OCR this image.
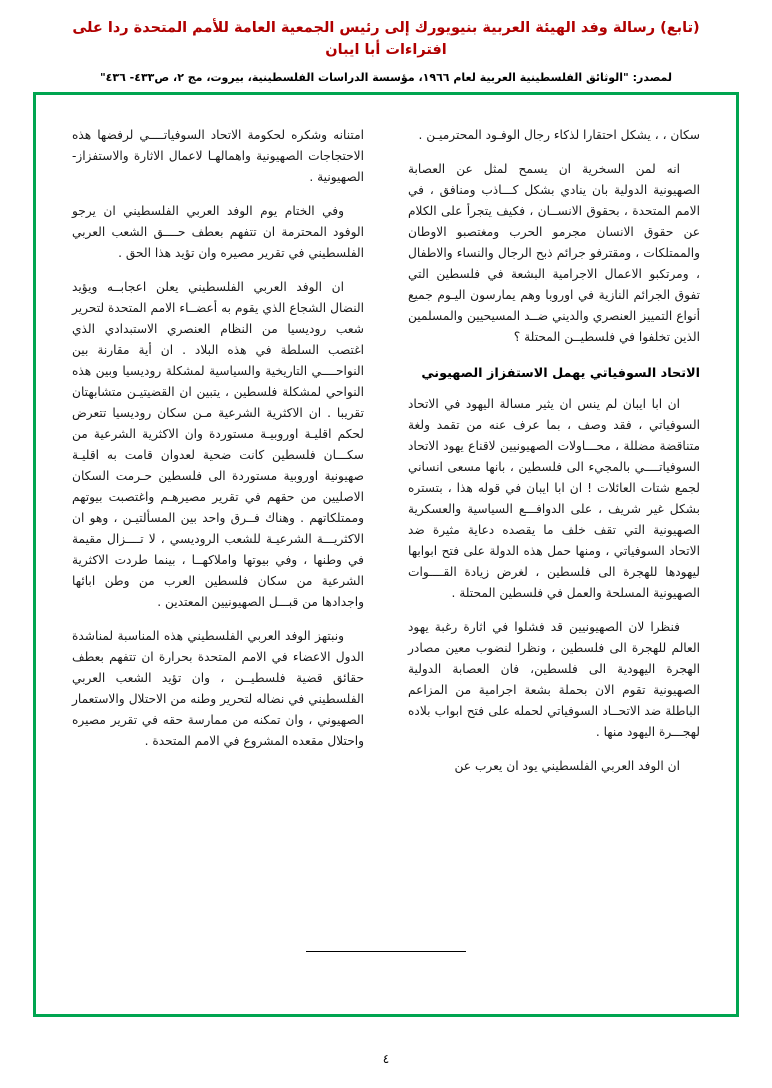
(تابع) رسالة وفد الهيئة العربية بنيويورك إلى رئيس الجمعية العامة للأمم المتحدة ردا على افتراءات أبا ايبان
لمصدر: "الوثائق الفلسطينية العربية لعام ١٩٦٦، مؤسسة الدراسات الفلسطينية، بيروت، مج ٢، ص٤٣٣- ٤٣٦"

سكان ، ، يشكل احتقارا لذكاء رجال الوفـود المحترميـن .

انه لمن السخرية ان يسمح لمثل عن العصابة الصهيونية الدولية بان ينادي بشكل كـــاذب ومنافق ، في الامم المتحدة ، بحقوق الانســان ، فكيف يتجرأ على الكلام عن حقوق الانسان مجرمو الحرب ومغتصبو الاوطان والممتلكات ، ومقترفو جرائم ذبح الرجال والنساء والاطفال ، ومرتكبو الاعمال الاجرامية البشعة في فلسطين التي تفوق الجرائم النازية في اوروبا وهم يمارسون اليـوم جميع أنواع التمييز العنصري والديني ضــد المسيحيين والمسلمين الذين تخلفوا في فلسطيــن المحتلة ؟

الاتحاد السوفياتي يهمل الاستفزاز الصهيوني

ان ابا ايبان لم ينس ان يثير مسالة اليهود في الاتحاد السوفياتي ، فقد وصف ، بما عرف عنه من تقمد ولغة متناقضة مضللة ، محـــاولات الصهيونيين لاقناع يهود الاتحاد السوفياتــــي بالمجيء الى فلسطين ، بانها مسعى انساني لجمع شتات العائلات ! ان ابا ايبان في قوله هذا ، بتستره بشكل غير شريف ، على الدوافـــع السياسية والعسكرية الصهيونية التي تقف خلف ما يقصده دعاية مثيرة ضد الاتحاد السوفياتي ، ومنها حمل هذه الدولة على فتح ابوابها ليهودها للهجرة الى فلسطين ، لغرض زيادة القــــوات الصهيونية المسلحة والعمل في فلسطين المحتلة .

فنظرا لان الصهيونيين قد فشلوا في اثارة رغبة يهود العالم للهجرة الى فلسطين ، ونظرا لنضوب معين مصادر الهجرة اليهودية الى فلسطين، فان العصابة الدولية الصهيونية تقوم الان بحملة بشعة اجرامية من المزاعم الباطلة ضد الاتحــاد السوفياتي لحمله على فتح ابواب بلاده لهجـــرة اليهود منها .

ان الوفد العربي الفلسطيني يود ان يعرب عن

امتنانه وشكره لحكومة الاتحاد السوفياتــــي لرفضها هذه الاحتجاجات الصهيونية واهمالهـا لاعمال الاثارة والاستفزاز-الصهيونية .

وفي الختام يوم الوفد العربي الفلسطيني ان يرجو الوفود المحترمة ان تتفهم بعطف حــــق الشعب العربي الفلسطيني في تقرير مصيره وان تؤيد هذا الحق .

ان الوفد العربي الفلسطيني يعلن اعجابــه ويؤيد النضال الشجاع الذي يقوم به أعضــاء الامم المتحدة لتحرير شعب روديسيا من النظام العنصري الاستبدادي الذي اغتصب السلطة في هذه البلاد . ان أية مقارنة بين النواحــــي التاريخية والسياسية لمشكلة روديسيا وبين هذه النواحي لمشكلة فلسطين ، يتبين ان القضيتيـن متشابهتان تقريبا . ان الاكثرية الشرعية مـن سكان روديسيا تتعرض لحكم اقليـة اوروبيـة مستوردة وان الاكثرية الشرعية من سكـــان فلسطين كانت ضحية لعدوان قامت به اقليـة صهيونية اوروبية مستوردة الى فلسطين حـرمت السكان الاصليين من حقهم في تقرير مصيرهـم واغتصبت بيوتهم وممتلكاتهم . وهناك فــرق واحد بين المسألتيـن ، وهو ان الاكثريـــة الشرعيـة للشعب الروديسي ، لا تــــزال مقيمة في وطنها ، وفي بيوتها واملاكهــا ، بينما طردت الاكثرية الشرعية من سكان فلسطين العرب من وطن ابائها واجدادها من قبـــل الصهيونيين المعتدين .

ونبتهز الوفد العربي الفلسطيني هذه المناسبة لمناشدة الدول الاعضاء في الامم المتحدة بحرارة ان تتفهم بعطف حقائق قضية فلسطيــن ، وان تؤيد الشعب العربي الفلسطيني في نضاله لتحرير وطنه من الاحتلال والاستعمار الصهيوني ، وان تمكنه من ممارسة حقه في تقرير مصيره واحتلال مقعده المشروع في الامم المتحدة .

٤
